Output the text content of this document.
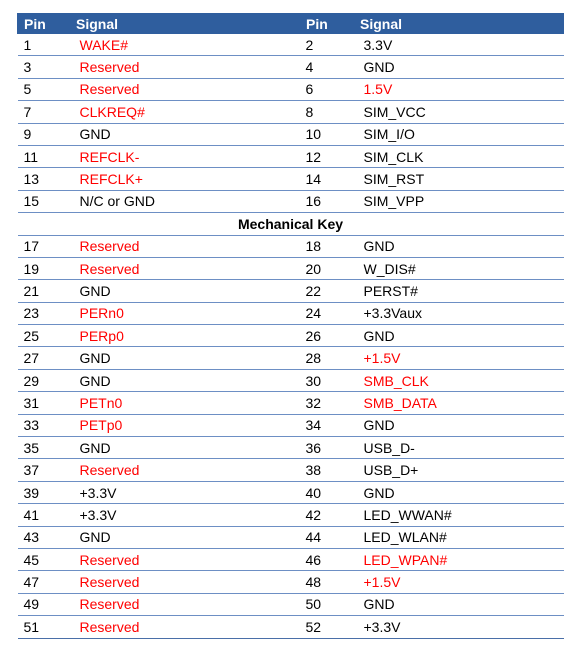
Pin	Signal	Pin	Signal
1	WAKE#	2	3.3V
3	Reserved	4	GND
5	Reserved	6	1.5V
7	CLKREQ#	8	SIM_VCC
9	GND	10	SIM_I/O
11	REFCLK-	12	SIM_CLK
13	REFCLK+	14	SIM_RST
15	N/C or GND	16	SIM_VPP
Mechanical Key			
17	Reserved	18	GND
19	Reserved	20	W_DIS#
21	GND	22	PERST#
23	PERn0	24	+3.3Vaux
25	PERp0	26	GND
27	GND	28	+1.5V
29	GND	30	SMB_CLK
31	PETn0	32	SMB_DATA
33	PETp0	34	GND
35	GND	36	USB_D-
37	Reserved	38	USB_D+
39	+3.3V	40	GND
41	+3.3V	42	LED_WWAN#
43	GND	44	LED_WLAN#
45	Reserved	46	LED_WPAN#
47	Reserved	48	+1.5V
49	Reserved	50	GND
51	Reserved	52	+3.3V
